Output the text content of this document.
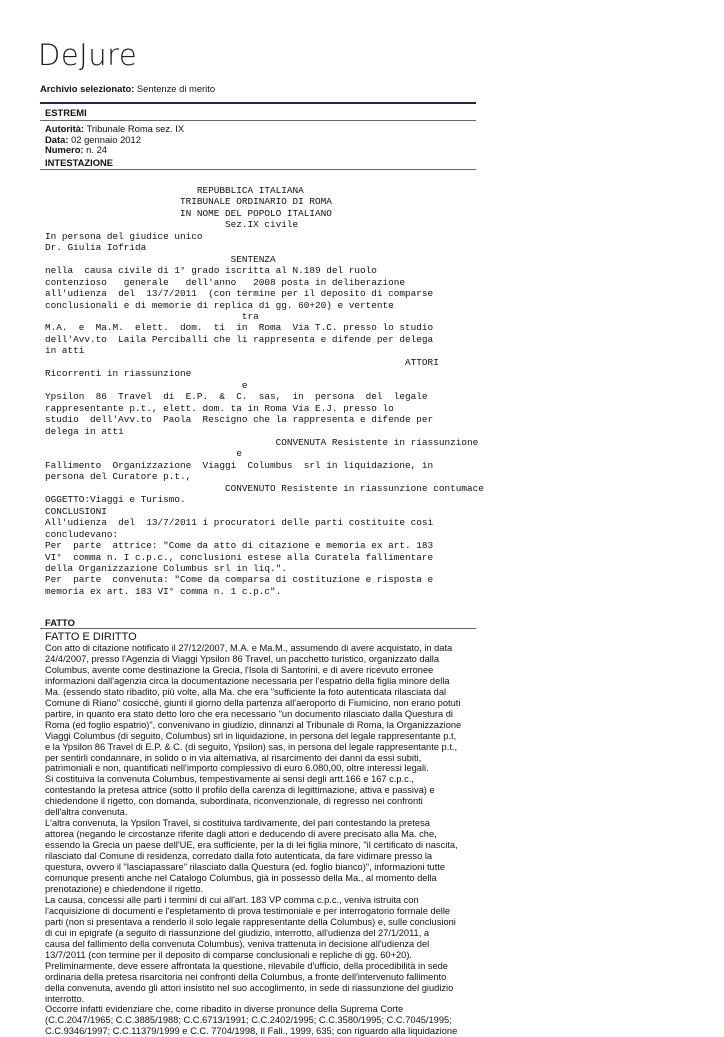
DeJure
Archivio selezionato: Sentenze di merito
ESTREMI
Autorità: Tribunale Roma sez. IX
Data: 02 gennaio 2012
Numero: n. 24
INTESTAZIONE
REPUBBLICA ITALIANA
TRIBUNALE ORDINARIO DI ROMA
IN NOME DEL POPOLO ITALIANO
Sez.IX civile
In persona del giudice unico
Dr. Giulia Iofrida
SENTENZA
nella  causa civile di 1° grado iscritta al N.189 del ruolo
contenzioso   generale   dell'anno   2008 posta in deliberazione
all'udienza  del  13/7/2011  (con termine per il deposito di comparse
conclusionali e di memorie di replica di gg. 60+20) e vertente
tra
M.A.  e  Ma.M.  elett.  dom.  ti  in  Roma  Via T.C. presso lo studio
dell'Avv.to  Laila Perciballi che li rappresenta e difende per delega
in atti
ATTORI
Ricorrenti in riassunzione
e
Ypsilon  86  Travel  di  E.P.  &  C.  sas,  in  persona  del  legale
rappresentante p.t., elett. dom. ta in Roma Via E.J. presso lo
studio  dell'Avv.to  Paola  Rescigno che la rappresenta e difende per
delega in atti
CONVENUTA Resistente in riassunzione
e
Fallimento  Organizzazione  Viaggi  Columbus  srl in liquidazione, in
persona del Curatore p.t.,
CONVENUTO Resistente in riassunzione contumace
OGGETTO:Viaggi e Turismo.
CONCLUSIONI
All'udienza  del  13/7/2011 i procuratori delle parti costituite così
concludevano:
Per  parte  attrice: "Come da atto di citazione e memoria ex art. 183
VI°  comma n. I c.p.c., conclusioni estese alla Curatela fallimentare
della Organizzazione Columbus srl in liq.".
Per  parte  convenuta: "Come da comparsa di costituzione e risposta e
memoria ex art. 183 VI° comma n. 1 c.p.c".
FATTO
FATTO E DIRITTO
Con atto di citazione notificato il 27/12/2007, M.A. e Ma.M., assumendo di avere acquistato, in data
24/4/2007, presso l'Agenzia di Viaggi Ypsilon 86 Travel, un pacchetto turistico, organizzato dalla
Columbus, avente come destinazione la Grecia, l'Isola di Santorini, e di avere ricevuto erronee
informazioni dall'agenzia circa la documentazione necessaria per l'espatrio della figlia minore della
Ma. (essendo stato ribadito, più volte, alla Ma. che era "sufficiente la foto autenticata rilasciata dal
Comune di Riano" cosicché, giunti il giorno della partenza all'aeroporto di Fiumicino, non erano potuti
partire, in quanto era stato detto loro che era necessario "un documento rilasciato dalla Questura di
Roma (ed foglio espatrio)", convenivano in giudizio, dinnanzi al Tribunale di Roma, la Organizzazione
Viaggi Columbus (di seguito, Columbus) srl in liquidazione, in persona del legale rappresentante p.t,
e la Ypsilon 86 Travel di E.P. & C. (di seguito, Ypsilon) sas, in persona del legale rappresentante p.t.,
per sentirli condannare, in solido o in via alternativa, al risarcimento dei danni da essi subiti,
patrimoniali e non, quantificati nell'importo complessivo di euro 6.080,00, oltre interessi legali.
Si costituiva la convenuta Columbus, tempestivamente ai sensi degli artt.166 e 167 c.p.c.,
contestando la pretesa attrice (sotto il profilo della carenza di legittimazione, attiva e passiva) e
chiedendone il rigetto, con domanda, subordinata, riconvenzionale, di regresso nei confronti
dell'altra convenuta.
L'altra convenuta, la Ypsilon Travel, si costituiva tardivamente, del pari contestando la pretesa
attorea (negando le circostanze riferite dagli attori e deducendo di avere precisato alla Ma. che,
essendo la Grecia un paese dell'UE, era sufficiente, per la di lei figlia minore, "il certificato di nascita,
rilasciato dal Comune di residenza, corredato dalla foto autenticata, da fare vidimare presso la
questura, ovvero il "lasciapassare" rilasciato dalla Questura (ed. foglio bianco)", informazioni tutte
comunque presenti anche nel Catalogo Columbus, già in possesso della Ma., al momento della
prenotazione) e chiedendone il rigetto.
La causa, concessi alle parti i termini di cui all'art. 183 VP comma c.p.c., veniva istruita con
l'acquisizione di documenti e l'espletamento di prova testimoniale e per interrogatorio formale delle
parti (non si presentava a renderlo il solo legale rappresentante della Columbus) e, sulle conclusioni
di cui in epigrafe (a seguito di riassunzione del giudizio, interrotto, all'udienza del 27/1/2011, a
causa del fallimento della convenuta Columbus), veniva trattenuta in decisione all'udienza del
13/7/2011 (con termine per il deposito di comparse conclusionali e repliche di gg. 60+20).
Preliminarmente, deve essere affrontata la questione, rilevabile d'ufficio, della procedibilità in sede
ordinaria della pretesa risarcitoria nei confronti della Columbus, a fronte dell'intervenuto fallimento
della convenuta, avendo gli attori insistito nel suo accoglimento, in sede di riassunzione del giudizio
interrotto.
Occorre infatti evidenziare che, come ribadito in diverse pronunce della Suprema Corte
(C.C.2047/1965; C.C.3885/1988; C.C.6713/1991; C.C.2402/1995; C.C.3580/1995; C.C.7045/1995;
C.C.9346/1997; C.C.11379/1999 e C.C. 7704/1998, Il Fall., 1999, 635; con riguardo alla liquidazione
